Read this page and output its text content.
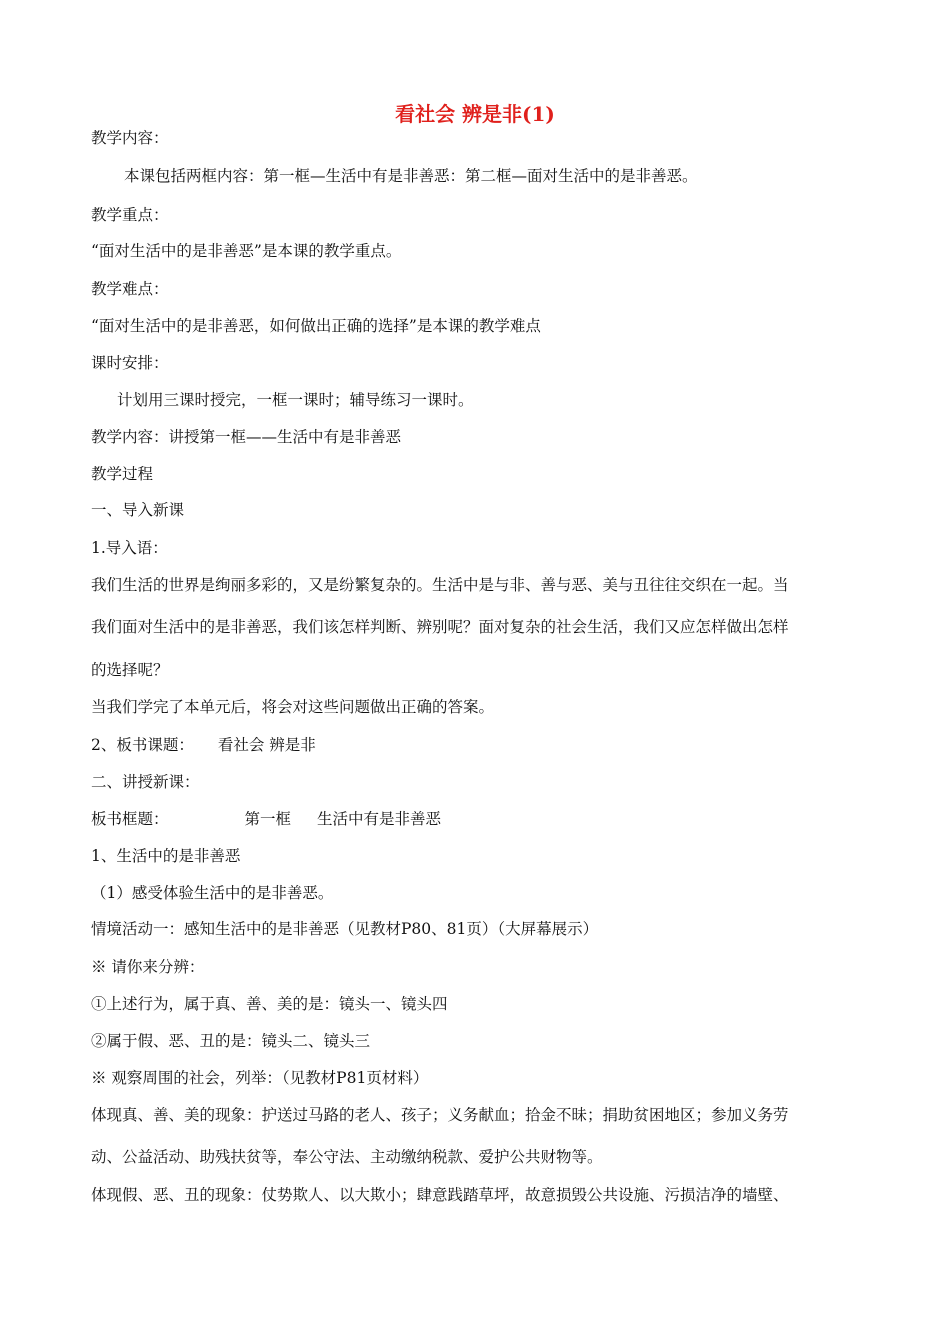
看社会 辨是非(1)
教学内容：
本课包括两框内容：第一框—生活中有是非善恶：第二框—面对生活中的是非善恶。
教学重点：
“面对生活中的是非善恶”是本课的教学重点。
教学难点：
“面对生活中的是非善恶，如何做出正确的选择”是本课的教学难点
课时安排：
计划用三课时授完，一框一课时；辅导练习一课时。
教学内容：讲授第一框——生活中有是非善恶
教学过程
一、导入新课
1.导入语：
我们生活的世界是绚丽多彩的，又是纷繁复杂的。生活中是与非、善与恶、美与丑往往交织在一起。当
我们面对生活中的是非善恶，我们该怎样判断、辨别呢？面对复杂的社会生活，我们又应怎样做出怎样
的选择呢？
当我们学完了本单元后，将会对这些问题做出正确的答案。
2、板书课题： 看社会 辨是非
二、讲授新课：
板书框题：	第一框 生活中有是非善恶
1、生活中的是非善恶
（1）感受体验生活中的是非善恶。
情境活动一：感知生活中的是非善恶（见教材P80、81页）（大屏幕展示）
※ 请你来分辨：
①上述行为，属于真、善、美的是：镜头一、镜头四
②属于假、恶、丑的是：镜头二、镜头三
※ 观察周围的社会，列举：（见教材P81页材料）
体现真、善、美的现象：护送过马路的老人、孩子；义务献血；拾金不昧；捐助贫困地区；参加义务劳
动、公益活动、助残扶贫等，奉公守法、主动缴纳税款、爱护公共财物等。
体现假、恶、丑的现象：仗势欺人、以大欺小；肆意践踏草坪，故意损毁公共设施、污损洁净的墙壁、
